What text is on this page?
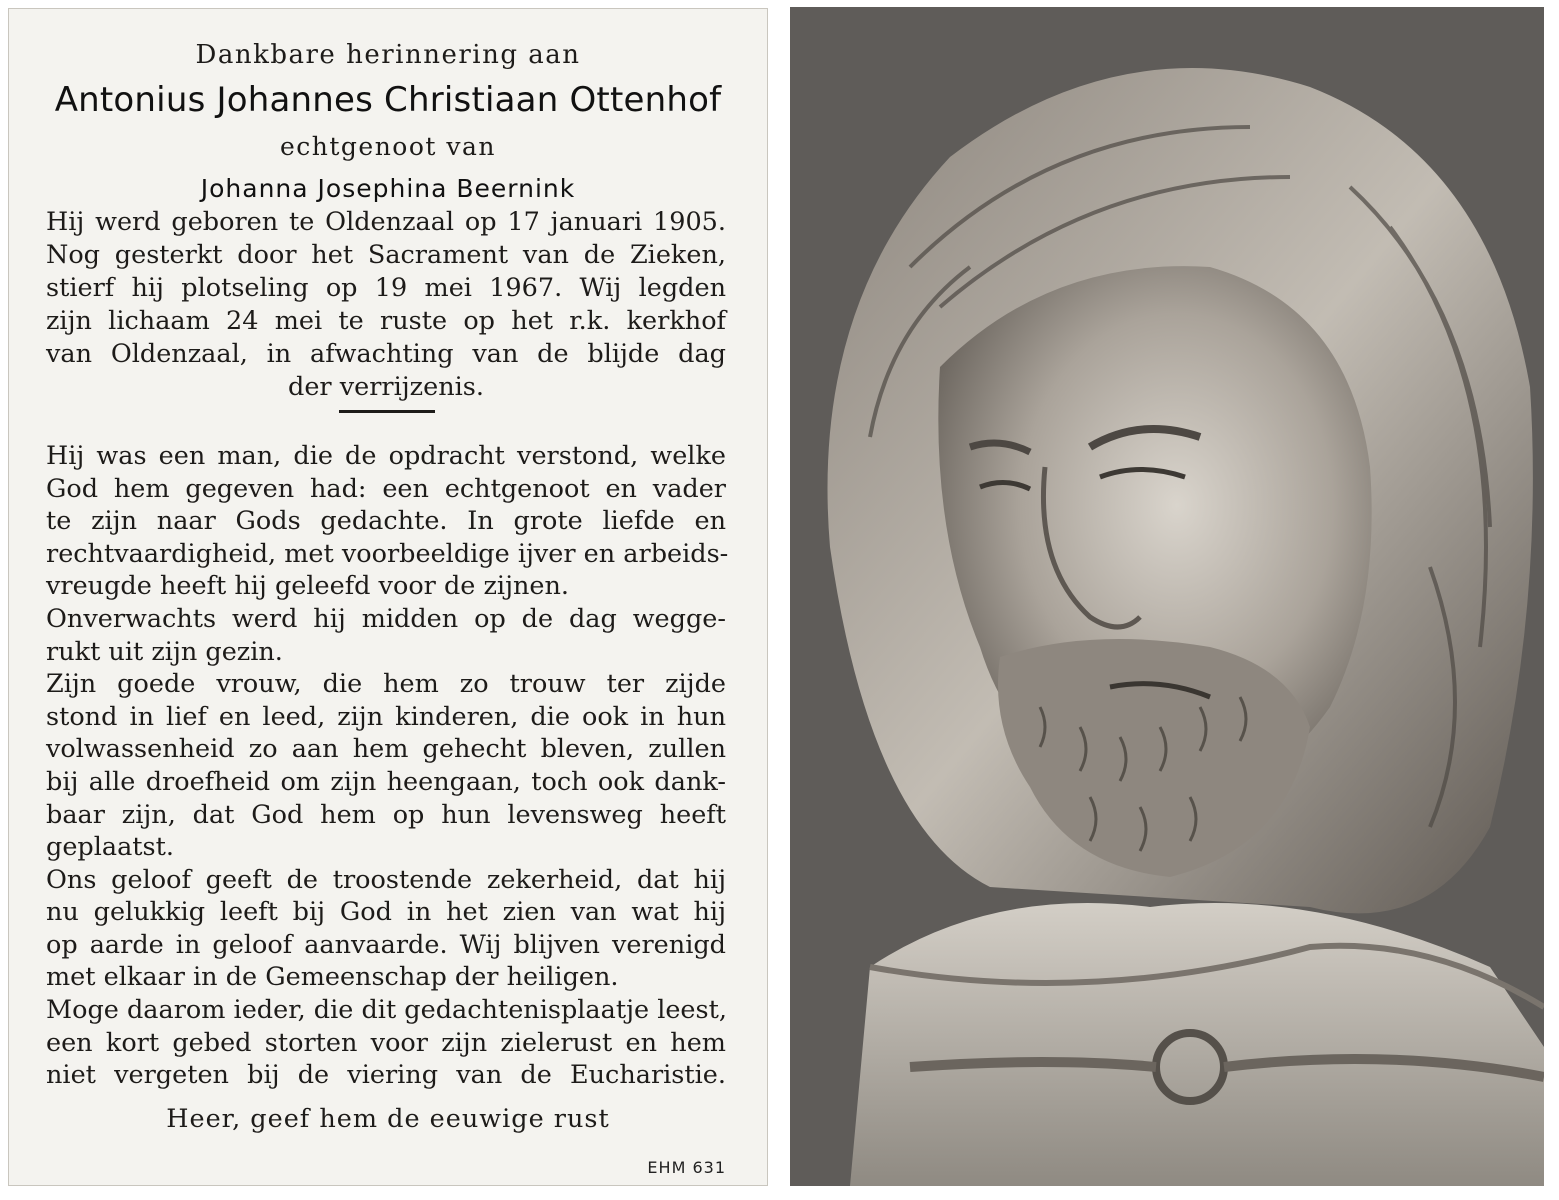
Dankbare herinnering aan
Antonius Johannes Christiaan Ottenhof
echtgenoot van
Johanna Josephina Beernink
Hij werd geboren te Oldenzaal op 17 januari 1905.
Nog gesterkt door het Sacrament van de Zieken,
stierf hij plotseling op 19 mei 1967. Wij legden
zijn lichaam 24 mei te ruste op het r.k. kerkhof
van Oldenzaal, in afwachting van de blijde dag
der verrijzenis.
Hij was een man, die de opdracht verstond, welke
God hem gegeven had: een echtgenoot en vader
te zijn naar Gods gedachte. In grote liefde en
rechtvaardigheid, met voorbeeldige ijver en arbeids-
vreugde heeft hij geleefd voor de zijnen.
Onverwachts werd hij midden op de dag wegge-
rukt uit zijn gezin.
Zijn goede vrouw, die hem zo trouw ter zijde
stond in lief en leed, zijn kinderen, die ook in hun
volwassenheid zo aan hem gehecht bleven, zullen
bij alle droefheid om zijn heengaan, toch ook dank-
baar zijn, dat God hem op hun levensweg heeft
geplaatst.
Ons geloof geeft de troostende zekerheid, dat hij
nu gelukkig leeft bij God in het zien van wat hij
op aarde in geloof aanvaarde. Wij blijven verenigd
met elkaar in de Gemeenschap der heiligen.
Moge daarom ieder, die dit gedachtenisplaatje leest,
een kort gebed storten voor zijn zielerust en hem
niet vergeten bij de viering van de Eucharistie.
Heer, geef hem de eeuwige rust
EHM 631
